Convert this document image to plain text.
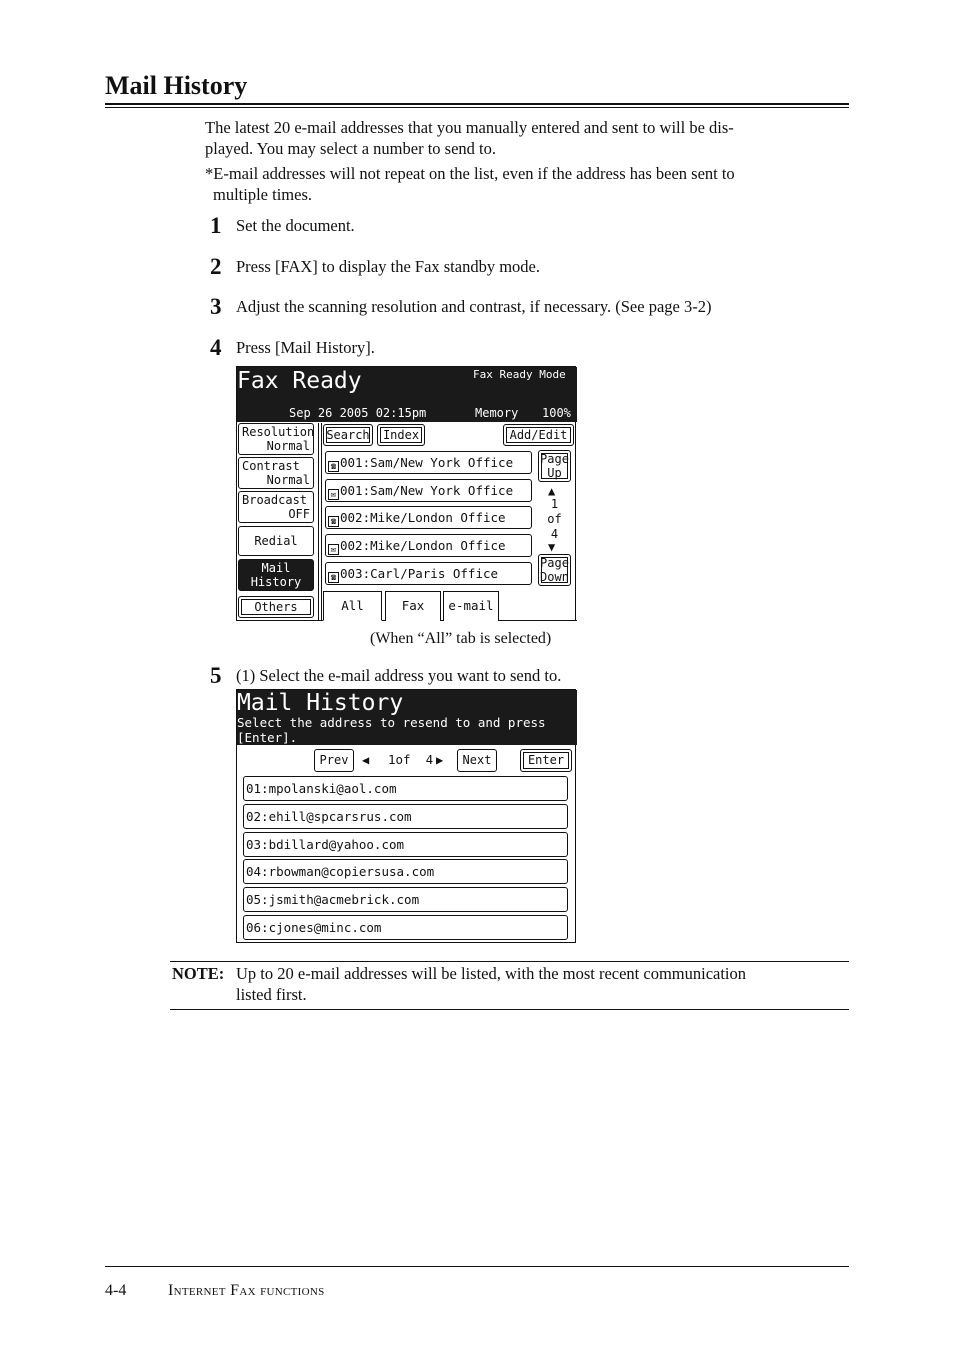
Mail History
The latest 20 e-mail addresses that you manually entered and sent to will be dis-
played. You may select a number to send to.
*E-mail addresses will not repeat on the list, even if the address has been sent to
multiple times.
1 Set the document.
2 Press [FAX] to display the Fax standby mode.
3 Adjust the scanning resolution and contrast, if necessary. (See page 3-2)
4 Press [Mail History].
Fax Ready	Fax Ready Mode
Sep 26 2005 02:15pm	Memory 100%
Resolution
Normal
Contrast
Normal
Broadcast
OFF
Redial
Mail
History
Others
Search	Index	Add/Edit
☎ 001:Sam/New York Office
✉ 001:Sam/New York Office
☎ 002:Mike/London Office
✉ 002:Mike/London Office
☎ 003:Carl/Paris Office
Page
Up
▲
1
of
4
▼
Page
Down
All	Fax	e-mail
(When “All” tab is selected)
5 (1) Select the e-mail address you want to send to.
Mail History
Select the address to resend to and press
[Enter].
Prev	◀ 1of  4 ▶	Next	Enter
01:mpolanski@aol.com
02:ehill@spcarsrus.com
03:bdillard@yahoo.com
04:rbowman@copiersusa.com
05:jsmith@acmebrick.com
06:cjones@minc.com
NOTE: Up to 20 e-mail addresses will be listed, with the most recent communication
listed first.
4-4	Internet Fax functions
